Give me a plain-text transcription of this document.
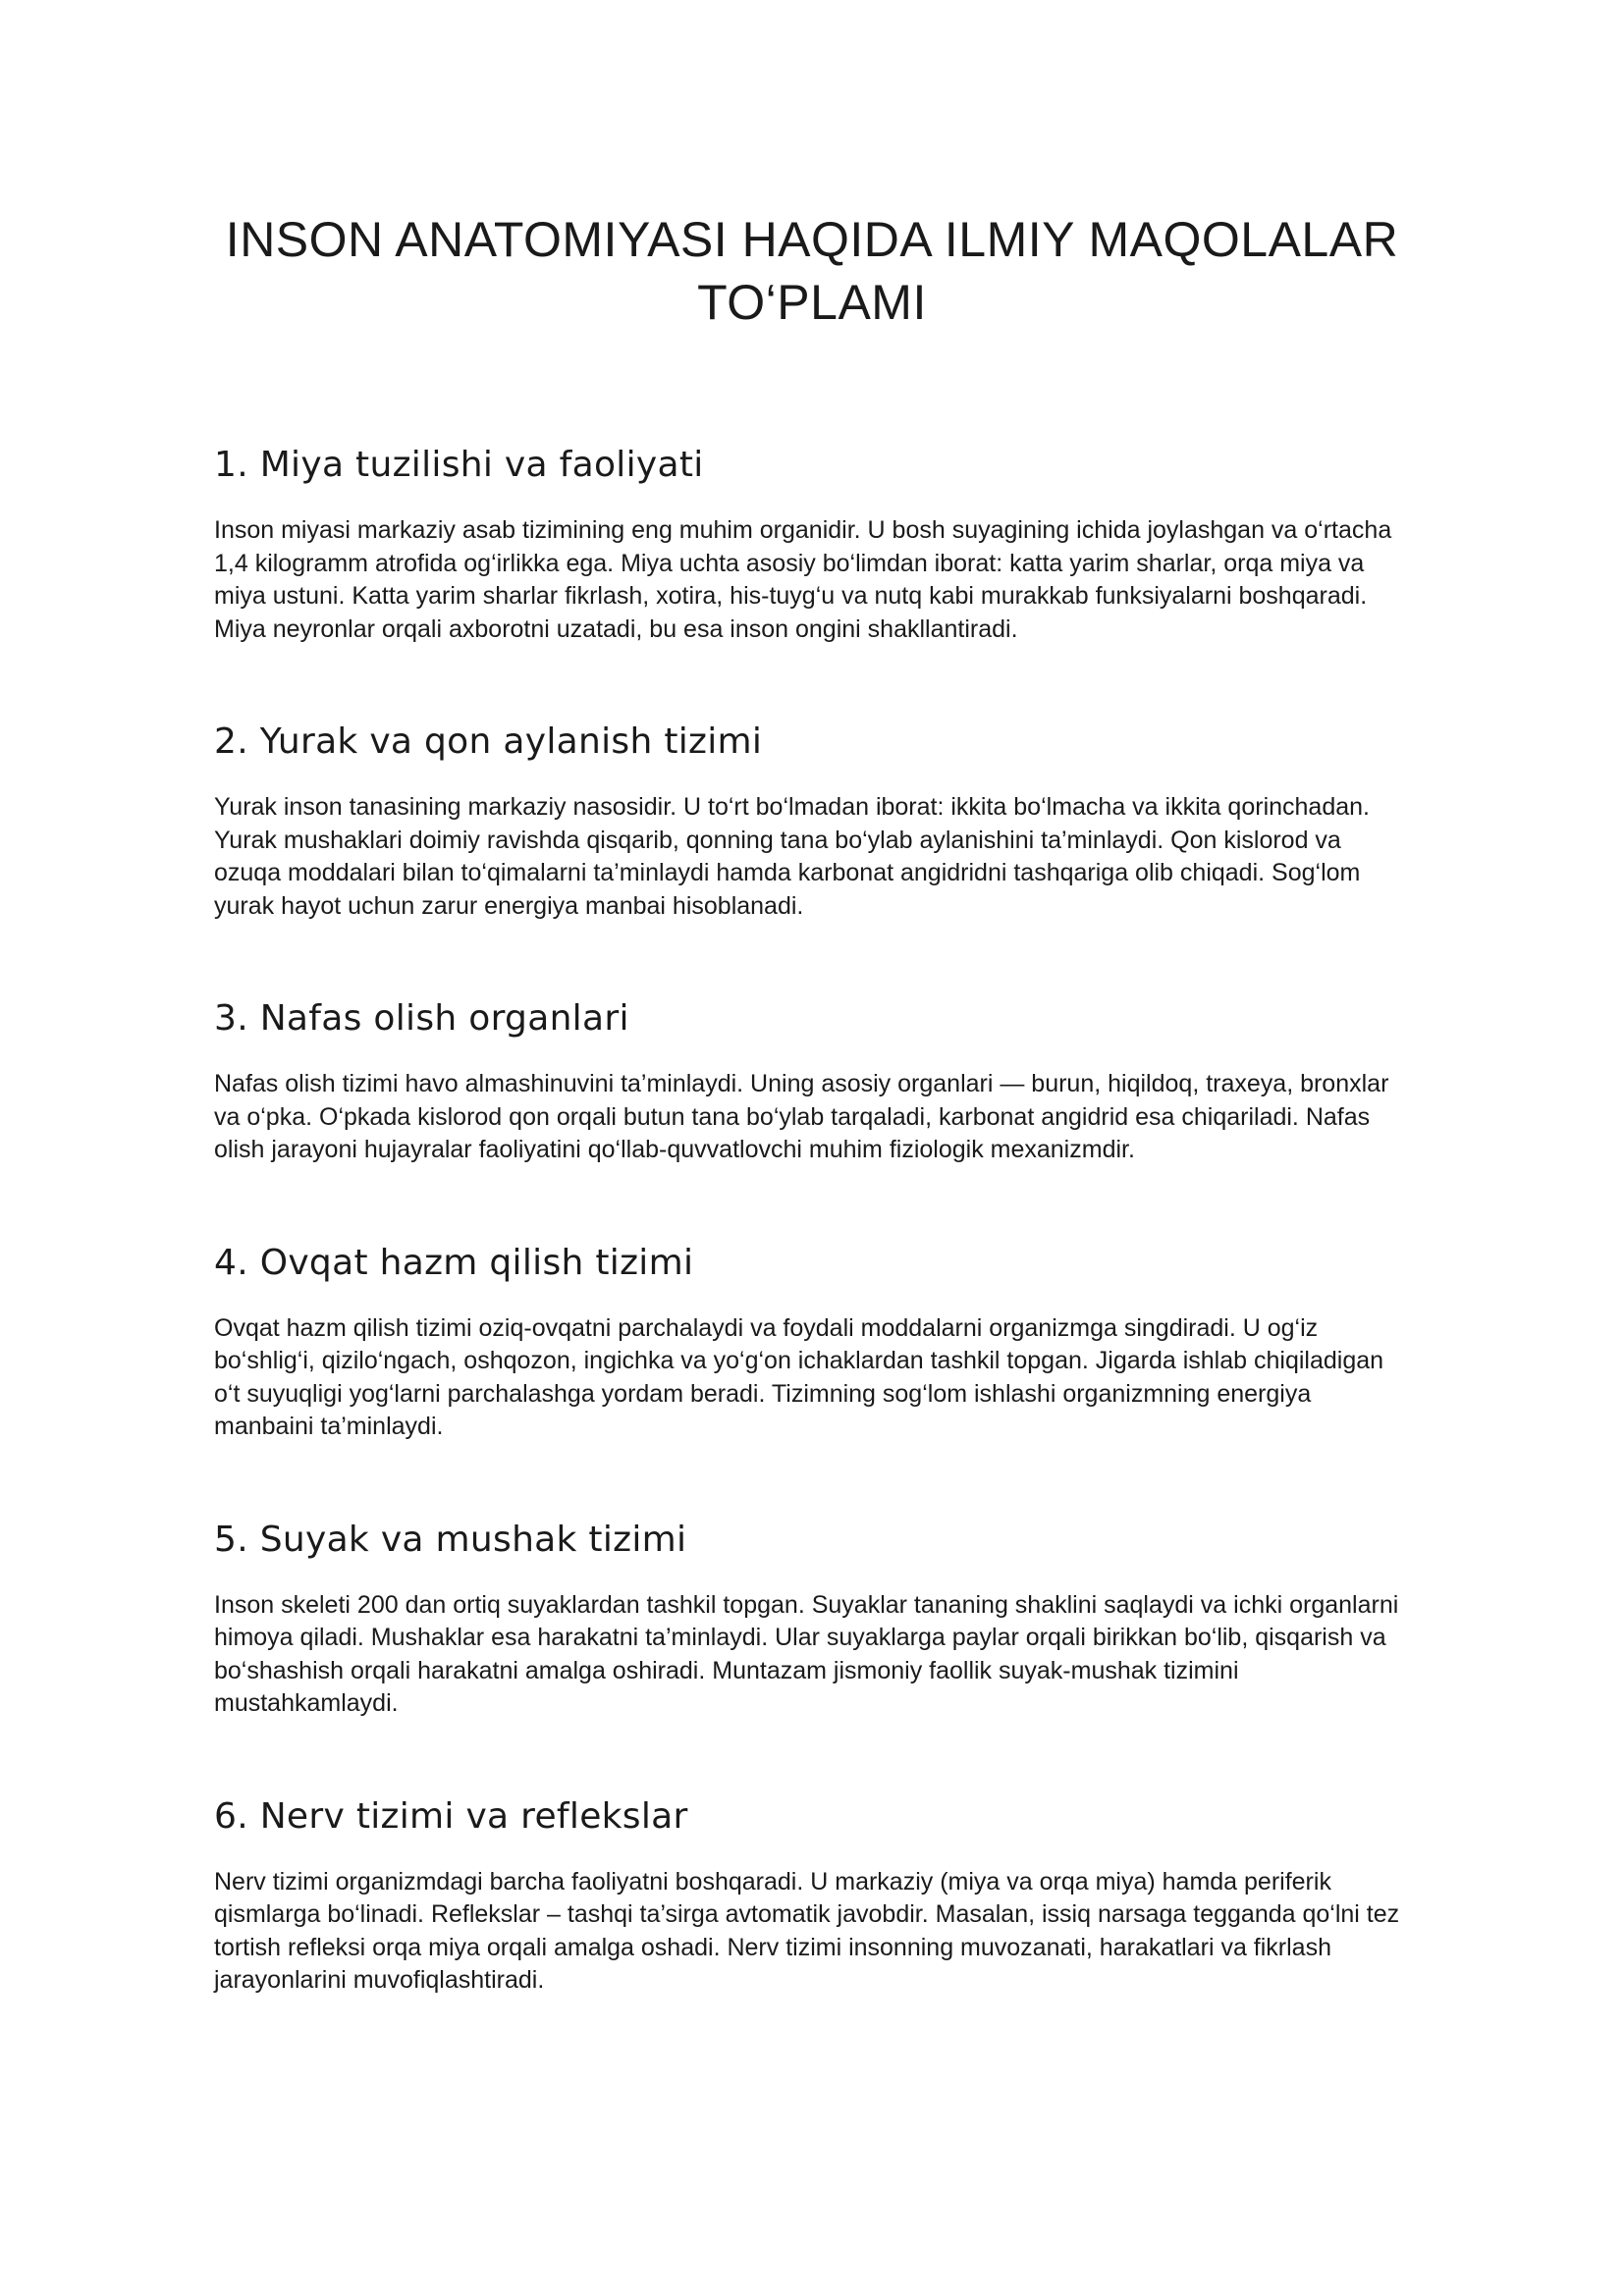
INSON ANATOMIYASI HAQIDA ILMIY MAQOLALAR
TO‘PLAMI
1. Miya tuzilishi va faoliyati

Inson miyasi markaziy asab tizimining eng muhim organidir. U bosh suyagining ichida joylashgan va o‘rtacha 1,4 kilogramm atrofida og‘irlikka ega. Miya uchta asosiy bo‘limdan iborat: katta yarim sharlar, orqa miya va miya ustuni. Katta yarim sharlar fikrlash, xotira, his-tuyg‘u va nutq kabi murakkab funksiyalarni boshqaradi. Miya neyronlar orqali axborotni uzatadi, bu esa inson ongini shakllantiradi.

2. Yurak va qon aylanish tizimi

Yurak inson tanasining markaziy nasosidir. U to‘rt bo‘lmadan iborat: ikkita bo‘lmacha va ikkita qorinchadan. Yurak mushaklari doimiy ravishda qisqarib, qonning tana bo‘ylab aylanishini ta’minlaydi. Qon kislorod va ozuqa moddalari bilan to‘qimalarni ta’minlaydi hamda karbonat angidridni tashqariga olib chiqadi. Sog‘lom yurak hayot uchun zarur energiya manbai hisoblanadi.

3. Nafas olish organlari

Nafas olish tizimi havo almashinuvini ta’minlaydi. Uning asosiy organlari — burun, hiqildoq, traxeya, bronxlar va o‘pka. O‘pkada kislorod qon orqali butun tana bo‘ylab tarqaladi, karbonat angidrid esa chiqariladi. Nafas olish jarayoni hujayralar faoliyatini qo‘llab-quvvatlovchi muhim fiziologik mexanizmdir.

4. Ovqat hazm qilish tizimi

Ovqat hazm qilish tizimi oziq-ovqatni parchalaydi va foydali moddalarni organizmga singdiradi. U og‘iz bo‘shlig‘i, qizilo‘ngach, oshqozon, ingichka va yo‘g‘on ichaklardan tashkil topgan. Jigarda ishlab chiqiladigan o‘t suyuqligi yog‘larni parchalashga yordam beradi. Tizimning sog‘lom ishlashi organizmning energiya manbaini ta’minlaydi.

5. Suyak va mushak tizimi

Inson skeleti 200 dan ortiq suyaklardan tashkil topgan. Suyaklar tananing shaklini saqlaydi va ichki organlarni himoya qiladi. Mushaklar esa harakatni ta’minlaydi. Ular suyaklarga paylar orqali birikkan bo‘lib, qisqarish va bo‘shashish orqali harakatni amalga oshiradi. Muntazam jismoniy faollik suyak-mushak tizimini mustahkamlaydi.

6. Nerv tizimi va reflekslar

Nerv tizimi organizmdagi barcha faoliyatni boshqaradi. U markaziy (miya va orqa miya) hamda periferik qismlarga bo‘linadi. Reflekslar – tashqi ta’sirga avtomatik javobdir. Masalan, issiq narsaga tegganda qo‘lni tez tortish refleksi orqa miya orqali amalga oshadi. Nerv tizimi insonning muvozanati, harakatlari va fikrlash jarayonlarini muvofiqlashtiradi.
